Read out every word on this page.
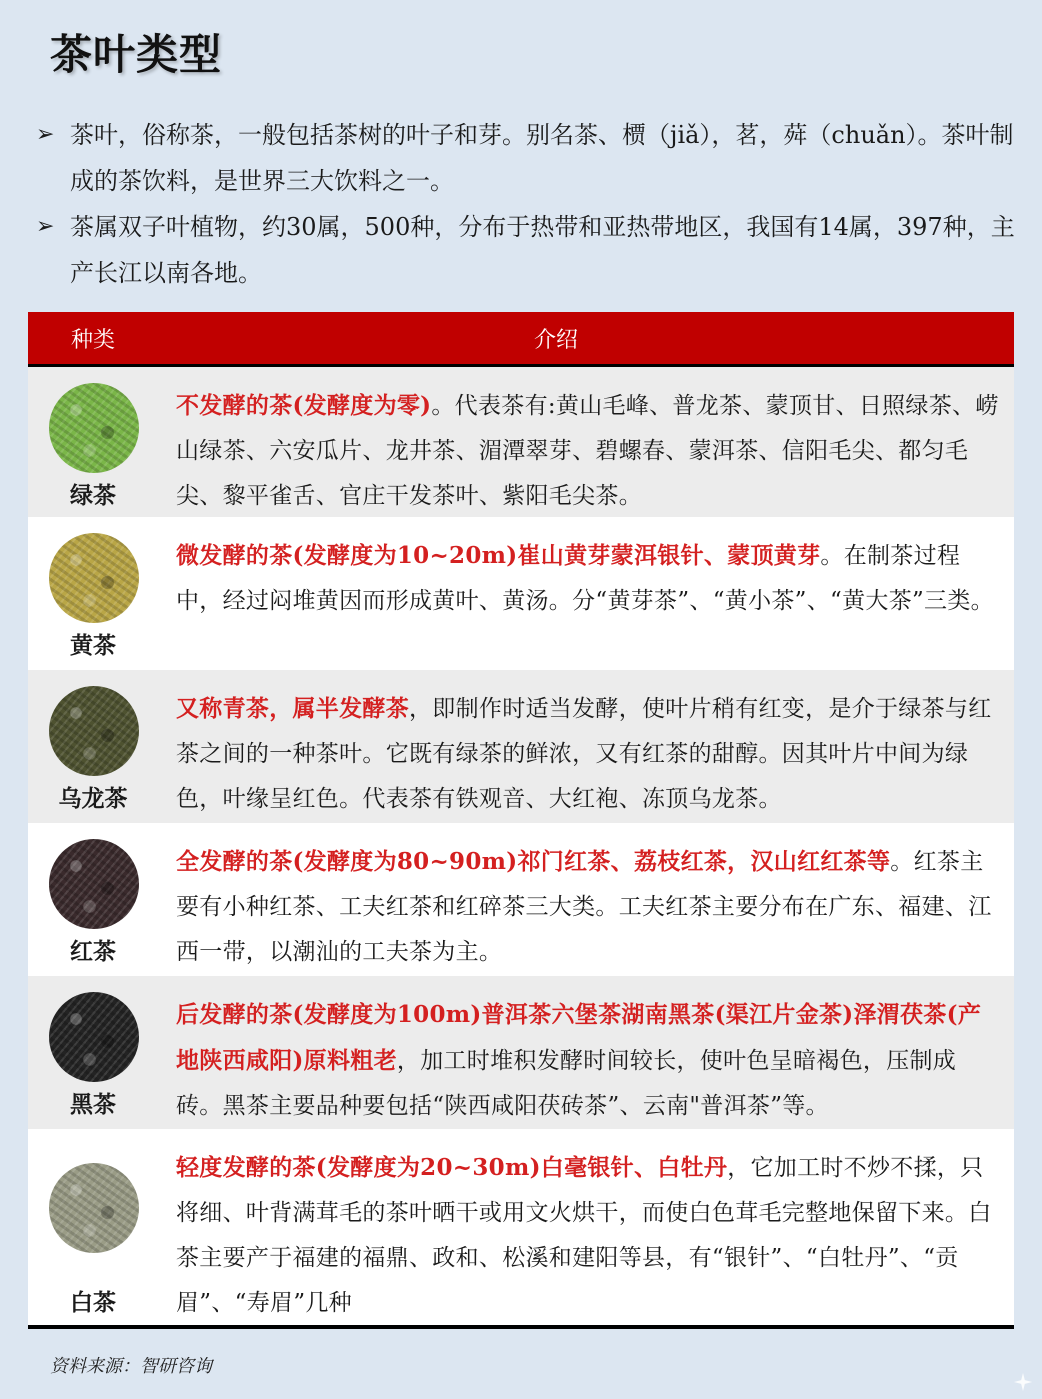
茶叶类型
➢ 茶叶，俗称茶，一般包括茶树的叶子和芽。别名茶、槚（jiǎ），茗，荈（chuǎn）。茶叶制成的茶饮料，是世界三大饮料之一。
➢ 茶属双子叶植物，约30属，500种，分布于热带和亚热带地区，我国有14属，397种，主产长江以南各地。
种类	介绍
绿茶
不发酵的茶(发酵度为零)。代表茶有:黄山毛峰、普龙茶、蒙顶甘、日照绿茶、崂山绿茶、六安瓜片、龙井茶、湄潭翠芽、碧螺春、蒙洱茶、信阳毛尖、都匀毛尖、黎平雀舌、官庄干发茶叶、紫阳毛尖茶。
黄茶
微发酵的茶(发酵度为10~20m)崔山黄芽蒙洱银针、蒙顶黄芽。在制茶过程中，经过闷堆黄因而形成黄叶、黄汤。分“黄芽茶”、“黄小茶”、“黄大茶”三类。
乌龙茶
又称青茶，属半发酵茶，即制作时适当发酵，使叶片稍有红变，是介于绿茶与红茶之间的一种茶叶。它既有绿茶的鲜浓，又有红茶的甜醇。因其叶片中间为绿色，叶缘呈红色。代表茶有铁观音、大红袍、冻顶乌龙茶。
红茶
全发酵的茶(发酵度为80~90m)祁门红茶、荔枝红茶，汉山红红茶等。红茶主要有小种红茶、工夫红茶和红碎茶三大类。工夫红茶主要分布在广东、福建、江西一带，以潮汕的工夫茶为主。
黑茶
后发酵的茶(发酵度为100m)普洱茶六堡茶湖南黑茶(渠江片金茶)泽渭茯茶(产地陕西咸阳)原料粗老，加工时堆积发酵时间较长，使叶色呈暗褐色，压制成砖。黑茶主要品种要包括“陕西咸阳茯砖茶”、云南"普洱茶”等。
白茶
轻度发酵的茶(发酵度为20~30m)白毫银针、白牡丹，它加工时不炒不揉，只将细、叶背满茸毛的茶叶晒干或用文火烘干，而使白色茸毛完整地保留下来。白茶主要产于福建的福鼎、政和、松溪和建阳等县，有“银针”、“白牡丹”、“贡眉”、“寿眉”几种
资料来源：智研咨询
